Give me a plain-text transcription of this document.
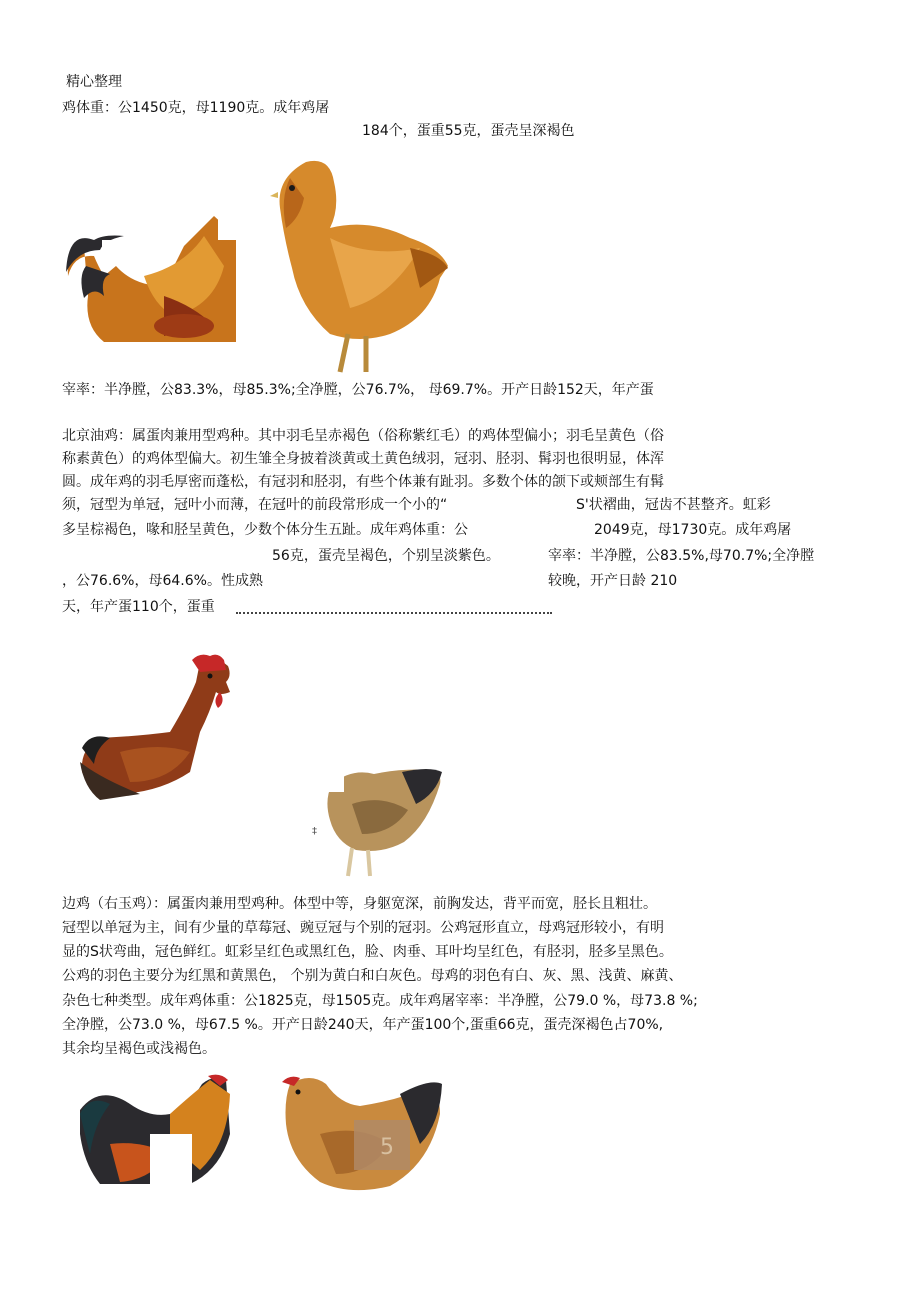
精心整理
鸡体重：公1450克，母1190克。成年鸡屠
184个，蛋重55克，蛋壳呈深褐色
宰率：半净膛，公83.3%，母85.3%;全净膛，公76.7%， 母69.7%。开产日龄152天，年产蛋
北京油鸡：属蛋肉兼用型鸡种。其中羽毛呈赤褐色（俗称紫红毛）的鸡体型偏小；羽毛呈黄色（俗
称素黄色）的鸡体型偏大。初生雏全身披着淡黄或土黄色绒羽，冠羽、胫羽、髯羽也很明显，体浑
圆。成年鸡的羽毛厚密而蓬松，有冠羽和胫羽，有些个体兼有趾羽。多数个体的颌下或颊部生有髯
须，冠型为单冠，冠叶小而薄，在冠叶的前段常形成一个小的“	S'状褶曲，冠齿不甚整齐。虹彩
多呈棕褐色，喙和胫呈黄色，少数个体分生五趾。成年鸡体重：公	2049克，母1730克。成年鸡屠
56克，蛋壳呈褐色，个别呈淡紫色。	宰率：半净膛，公83.5%,母70.7%;全净膛
，公76.6%，母64.6%。性成熟	较晚，开产日龄 210
天，年产蛋110个，蛋重
‡
边鸡（右玉鸡）：属蛋肉兼用型鸡种。体型中等，身躯宽深，前胸发达，背平而宽，胫长且粗壮。
冠型以单冠为主，间有少量的草莓冠、豌豆冠与个别的冠羽。公鸡冠形直立，母鸡冠形较小，有明
显的S状弯曲，冠色鲜红。虹彩呈红色或黑红色，脸、肉垂、耳叶均呈红色，有胫羽，胫多呈黑色。
公鸡的羽色主要分为红黑和黄黑色， 个别为黄白和白灰色。母鸡的羽色有白、灰、黑、浅黄、麻黄、
杂色七种类型。成年鸡体重：公1825克，母1505克。成年鸡屠宰率：半净膛，公79.0 %，母73.8 %;
全净膛，公73.0 %，母67.5 %。开产日龄240天，年产蛋100个,蛋重66克，蛋壳深褐色占70%,
其余均呈褐色或浅褐色。
5
